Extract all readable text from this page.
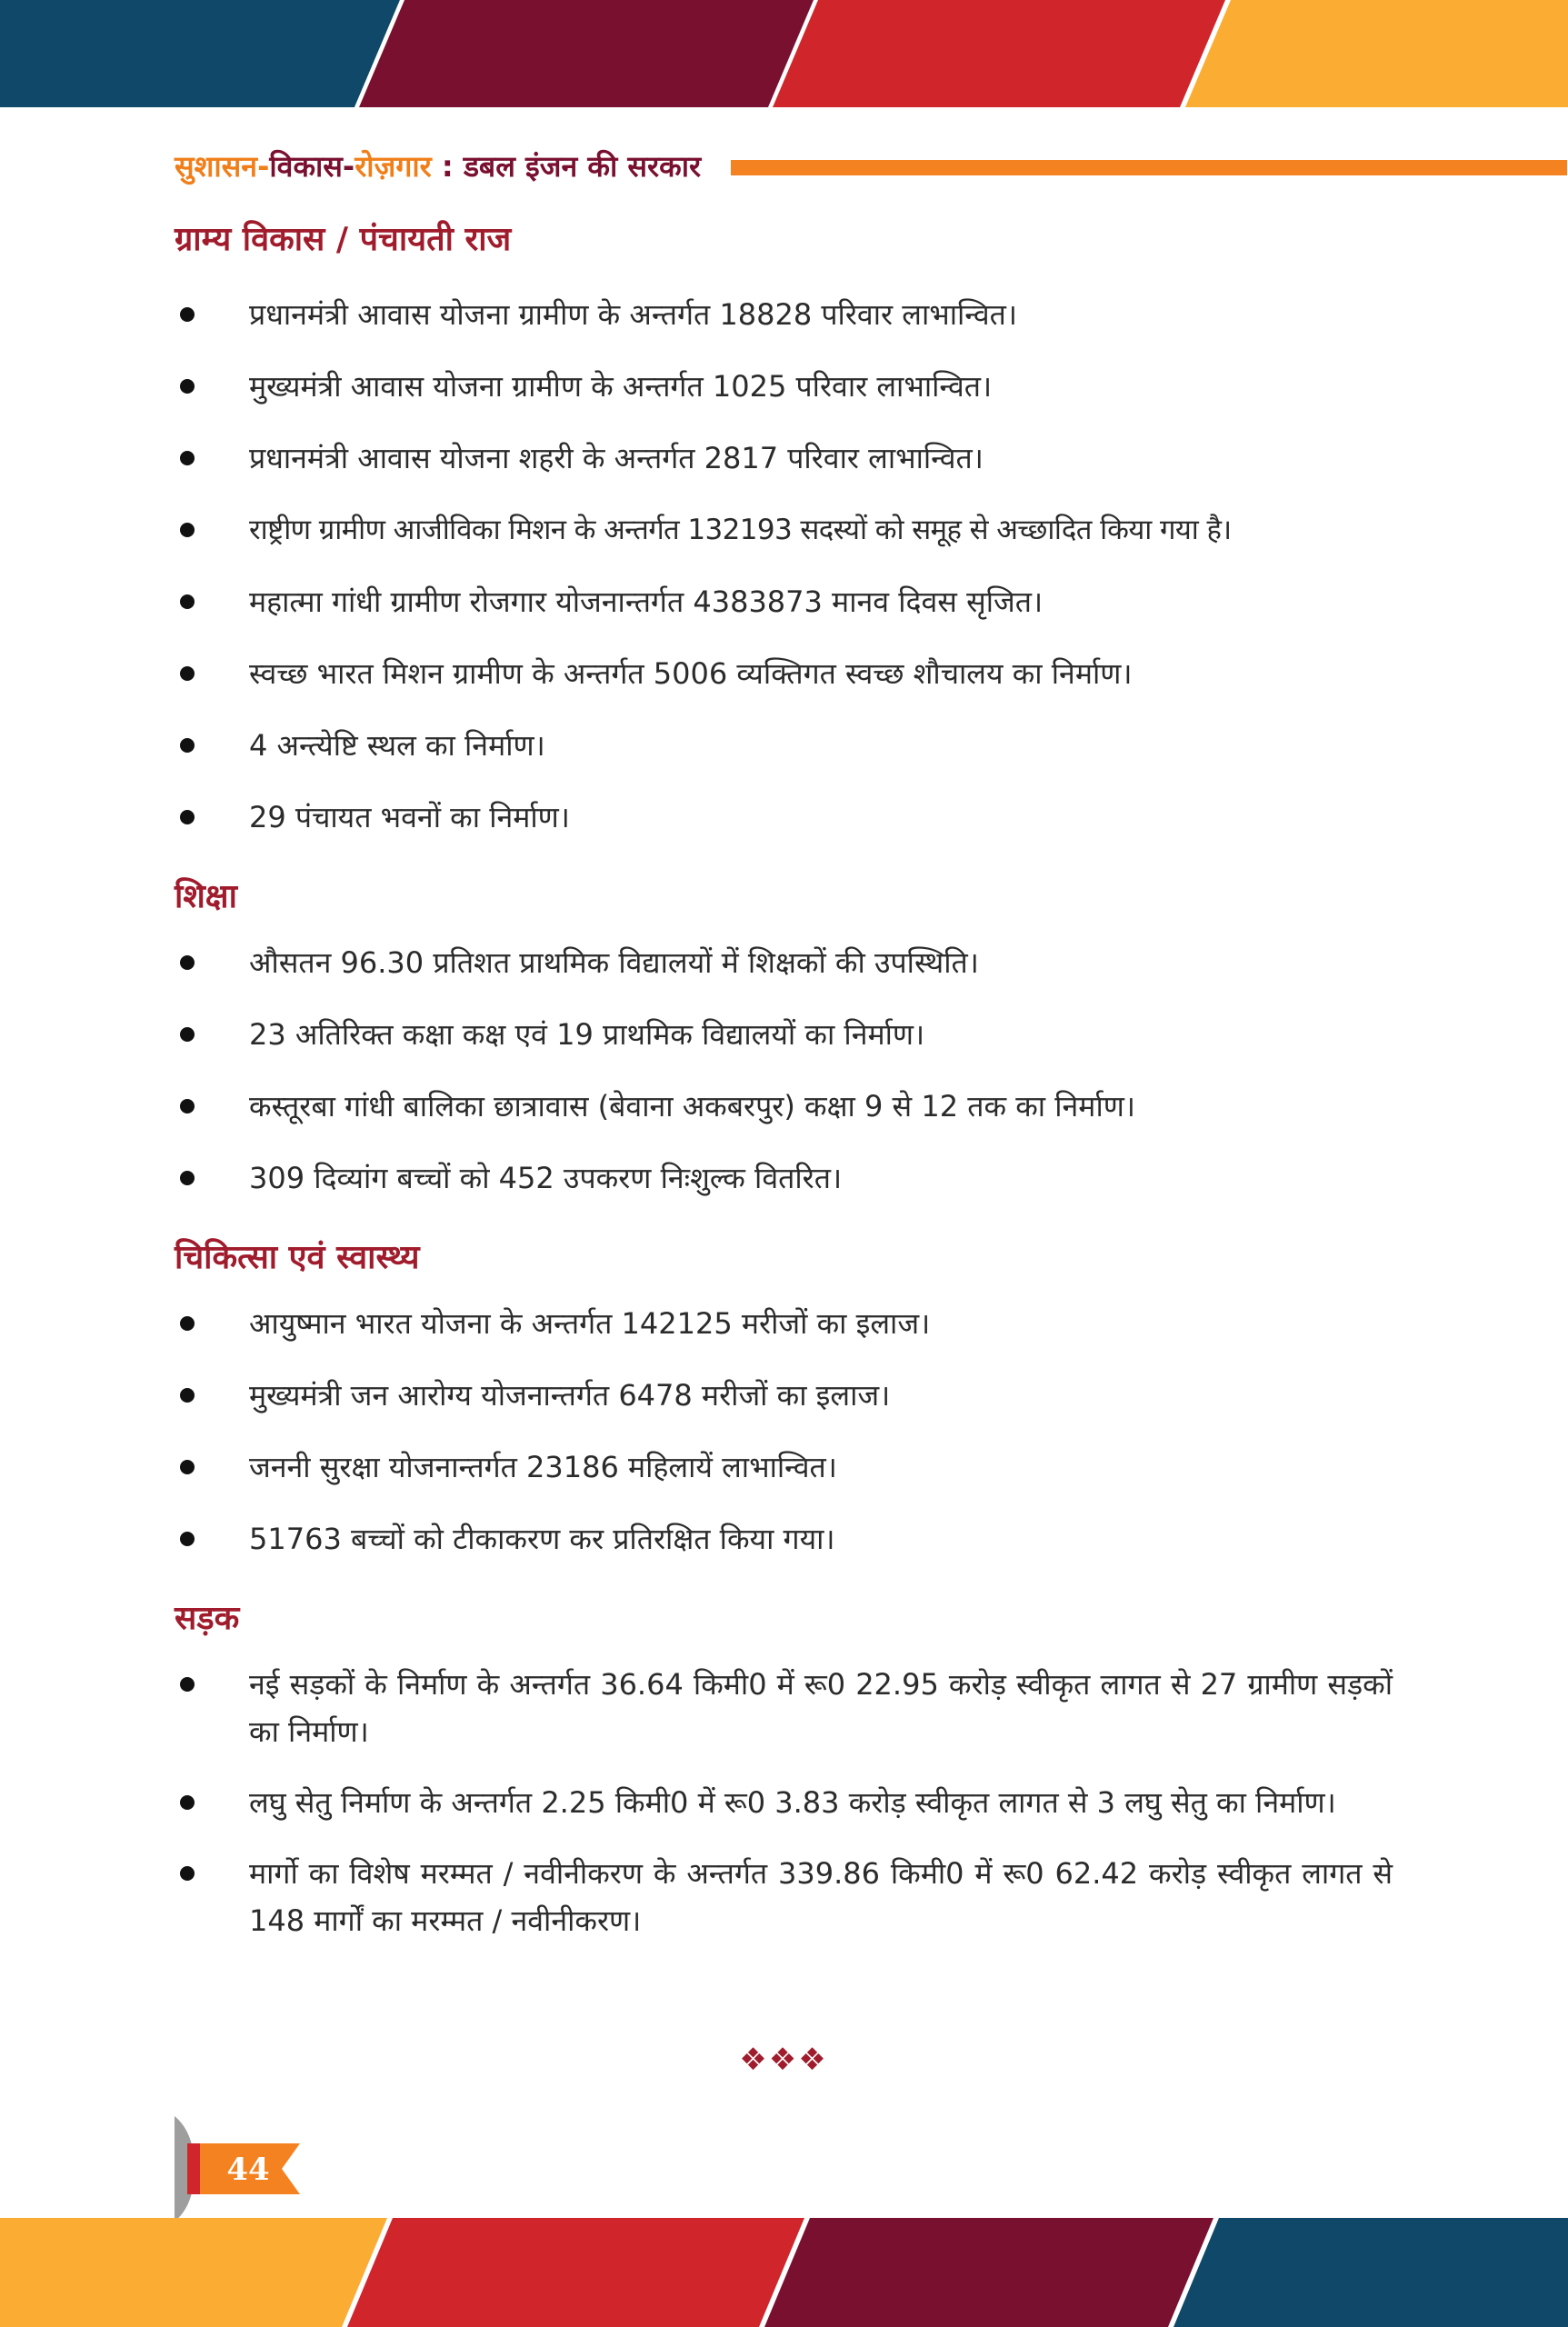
सुशासन-विकास-रोज़गार : डबल इंजन की सरकार
ग्राम्य विकास / पंचायती राज
प्रधानमंत्री आवास योजना ग्रामीण के अन्तर्गत 18828 परिवार लाभान्वित।
मुख्यमंत्री आवास योजना ग्रामीण के अन्तर्गत 1025 परिवार लाभान्वित।
प्रधानमंत्री आवास योजना शहरी के अन्तर्गत 2817 परिवार लाभान्वित।
राष्ट्रीण ग्रामीण आजीविका मिशन के अन्तर्गत 132193 सदस्यों को समूह से अच्छादित किया गया है।
महात्मा गांधी ग्रामीण रोजगार योजनान्तर्गत 4383873 मानव दिवस सृजित।
स्वच्छ भारत मिशन ग्रामीण के अन्तर्गत 5006 व्यक्तिगत स्वच्छ शौचालय का निर्माण।
4 अन्त्येष्टि स्थल का निर्माण।
29 पंचायत भवनों का निर्माण।
शिक्षा
औसतन 96.30 प्रतिशत प्राथमिक विद्यालयों में शिक्षकों की उपस्थिति।
23 अतिरिक्त कक्षा कक्ष एवं 19 प्राथमिक विद्यालयों का निर्माण।
कस्तूरबा गांधी बालिका छात्रावास (बेवाना अकबरपुर) कक्षा 9 से 12 तक का निर्माण।
309 दिव्यांग बच्चों को 452 उपकरण निःशुल्क वितरित।
चिकित्सा एवं स्वास्थ्य
आयुष्मान भारत योजना के अन्तर्गत 142125 मरीजों का इलाज।
मुख्यमंत्री जन आरोग्य योजनान्तर्गत 6478 मरीजों का इलाज।
जननी सुरक्षा योजनान्तर्गत 23186 महिलायें लाभान्वित।
51763 बच्चों को टीकाकरण कर प्रतिरक्षित किया गया।
सड़क
नई सड़कों के निर्माण के अन्तर्गत 36.64 किमी0 में रू0 22.95 करोड़ स्वीकृत लागत से 27 ग्रामीण सड़कों का निर्माण।
लघु सेतु निर्माण के अन्तर्गत 2.25 किमी0 में रू0 3.83 करोड़ स्वीकृत लागत से 3 लघु सेतु का निर्माण।
मार्गो का विशेष मरम्मत / नवीनीकरण के अन्तर्गत 339.86 किमी0 में रू0 62.42 करोड़ स्वीकृत लागत से 148 मार्गों का मरम्मत / नवीनीकरण।
❖❖❖
44
